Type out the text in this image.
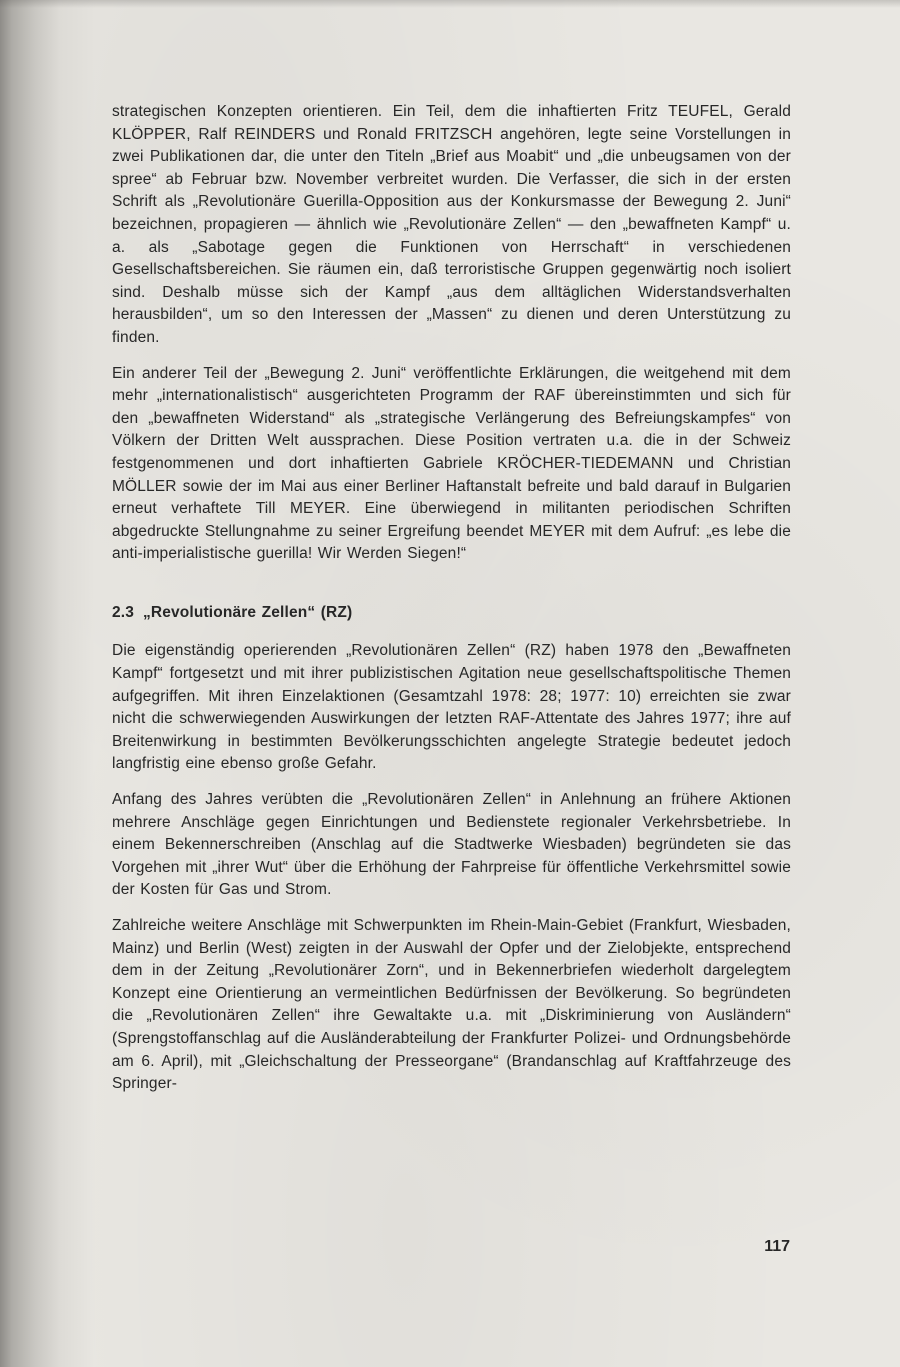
strategischen Konzepten orientieren. Ein Teil, dem die inhaftierten Fritz TEUFEL, Gerald KLÖPPER, Ralf REINDERS und Ronald FRITZSCH angehören, legte seine Vorstellungen in zwei Publikationen dar, die unter den Titeln „Brief aus Moabit“ und „die unbeugsamen von der spree“ ab Februar bzw. November verbreitet wurden. Die Verfasser, die sich in der ersten Schrift als „Revolutionäre Guerilla-Opposition aus der Konkursmasse der Bewegung 2. Juni“ bezeichnen, propagieren — ähnlich wie „Revolutionäre Zellen“ — den „bewaffneten Kampf“ u. a. als „Sabotage gegen die Funktionen von Herrschaft“ in verschiedenen Gesellschaftsbereichen. Sie räumen ein, daß terroristische Gruppen gegenwärtig noch isoliert sind. Deshalb müsse sich der Kampf „aus dem alltäglichen Widerstandsverhalten herausbilden“, um so den Interessen der „Massen“ zu dienen und deren Unterstützung zu finden.

Ein anderer Teil der „Bewegung 2. Juni“ veröffentlichte Erklärungen, die weitgehend mit dem mehr „internationalistisch“ ausgerichteten Programm der RAF übereinstimmten und sich für den „bewaffneten Widerstand“ als „strategische Verlängerung des Befreiungskampfes“ von Völkern der Dritten Welt aussprachen. Diese Position vertraten u.a. die in der Schweiz festgenommenen und dort inhaftierten Gabriele KRÖCHER-TIEDEMANN und Christian MÖLLER sowie der im Mai aus einer Berliner Haftanstalt befreite und bald darauf in Bulgarien erneut verhaftete Till MEYER. Eine überwiegend in militanten periodischen Schriften abgedruckte Stellungnahme zu seiner Ergreifung beendet MEYER mit dem Aufruf: „es lebe die anti-imperialistische guerilla! Wir Werden Siegen!“

2.3 „Revolutionäre Zellen“ (RZ)

Die eigenständig operierenden „Revolutionären Zellen“ (RZ) haben 1978 den „Bewaffneten Kampf“ fortgesetzt und mit ihrer publizistischen Agitation neue gesellschaftspolitische Themen aufgegriffen. Mit ihren Einzelaktionen (Gesamtzahl 1978: 28; 1977: 10) erreichten sie zwar nicht die schwerwiegenden Auswirkungen der letzten RAF-Attentate des Jahres 1977; ihre auf Breitenwirkung in bestimmten Bevölkerungsschichten angelegte Strategie bedeutet jedoch langfristig eine ebenso große Gefahr.

Anfang des Jahres verübten die „Revolutionären Zellen“ in Anlehnung an frühere Aktionen mehrere Anschläge gegen Einrichtungen und Bedienstete regionaler Verkehrsbetriebe. In einem Bekennerschreiben (Anschlag auf die Stadtwerke Wiesbaden) begründeten sie das Vorgehen mit „ihrer Wut“ über die Erhöhung der Fahrpreise für öffentliche Verkehrsmittel sowie der Kosten für Gas und Strom.

Zahlreiche weitere Anschläge mit Schwerpunkten im Rhein-Main-Gebiet (Frankfurt, Wiesbaden, Mainz) und Berlin (West) zeigten in der Auswahl der Opfer und der Zielobjekte, entsprechend dem in der Zeitung „Revolutionärer Zorn“, und in Bekennerbriefen wiederholt dargelegtem Konzept eine Orientierung an vermeintlichen Bedürfnissen der Bevölkerung. So begründeten die „Revolutionären Zellen“ ihre Gewaltakte u.a. mit „Diskriminierung von Ausländern“ (Sprengstoffanschlag auf die Ausländerabteilung der Frankfurter Polizei- und Ordnungsbehörde am 6. April), mit „Gleichschaltung der Presseorgane“ (Brandanschlag auf Kraftfahrzeuge des Springer-

117
